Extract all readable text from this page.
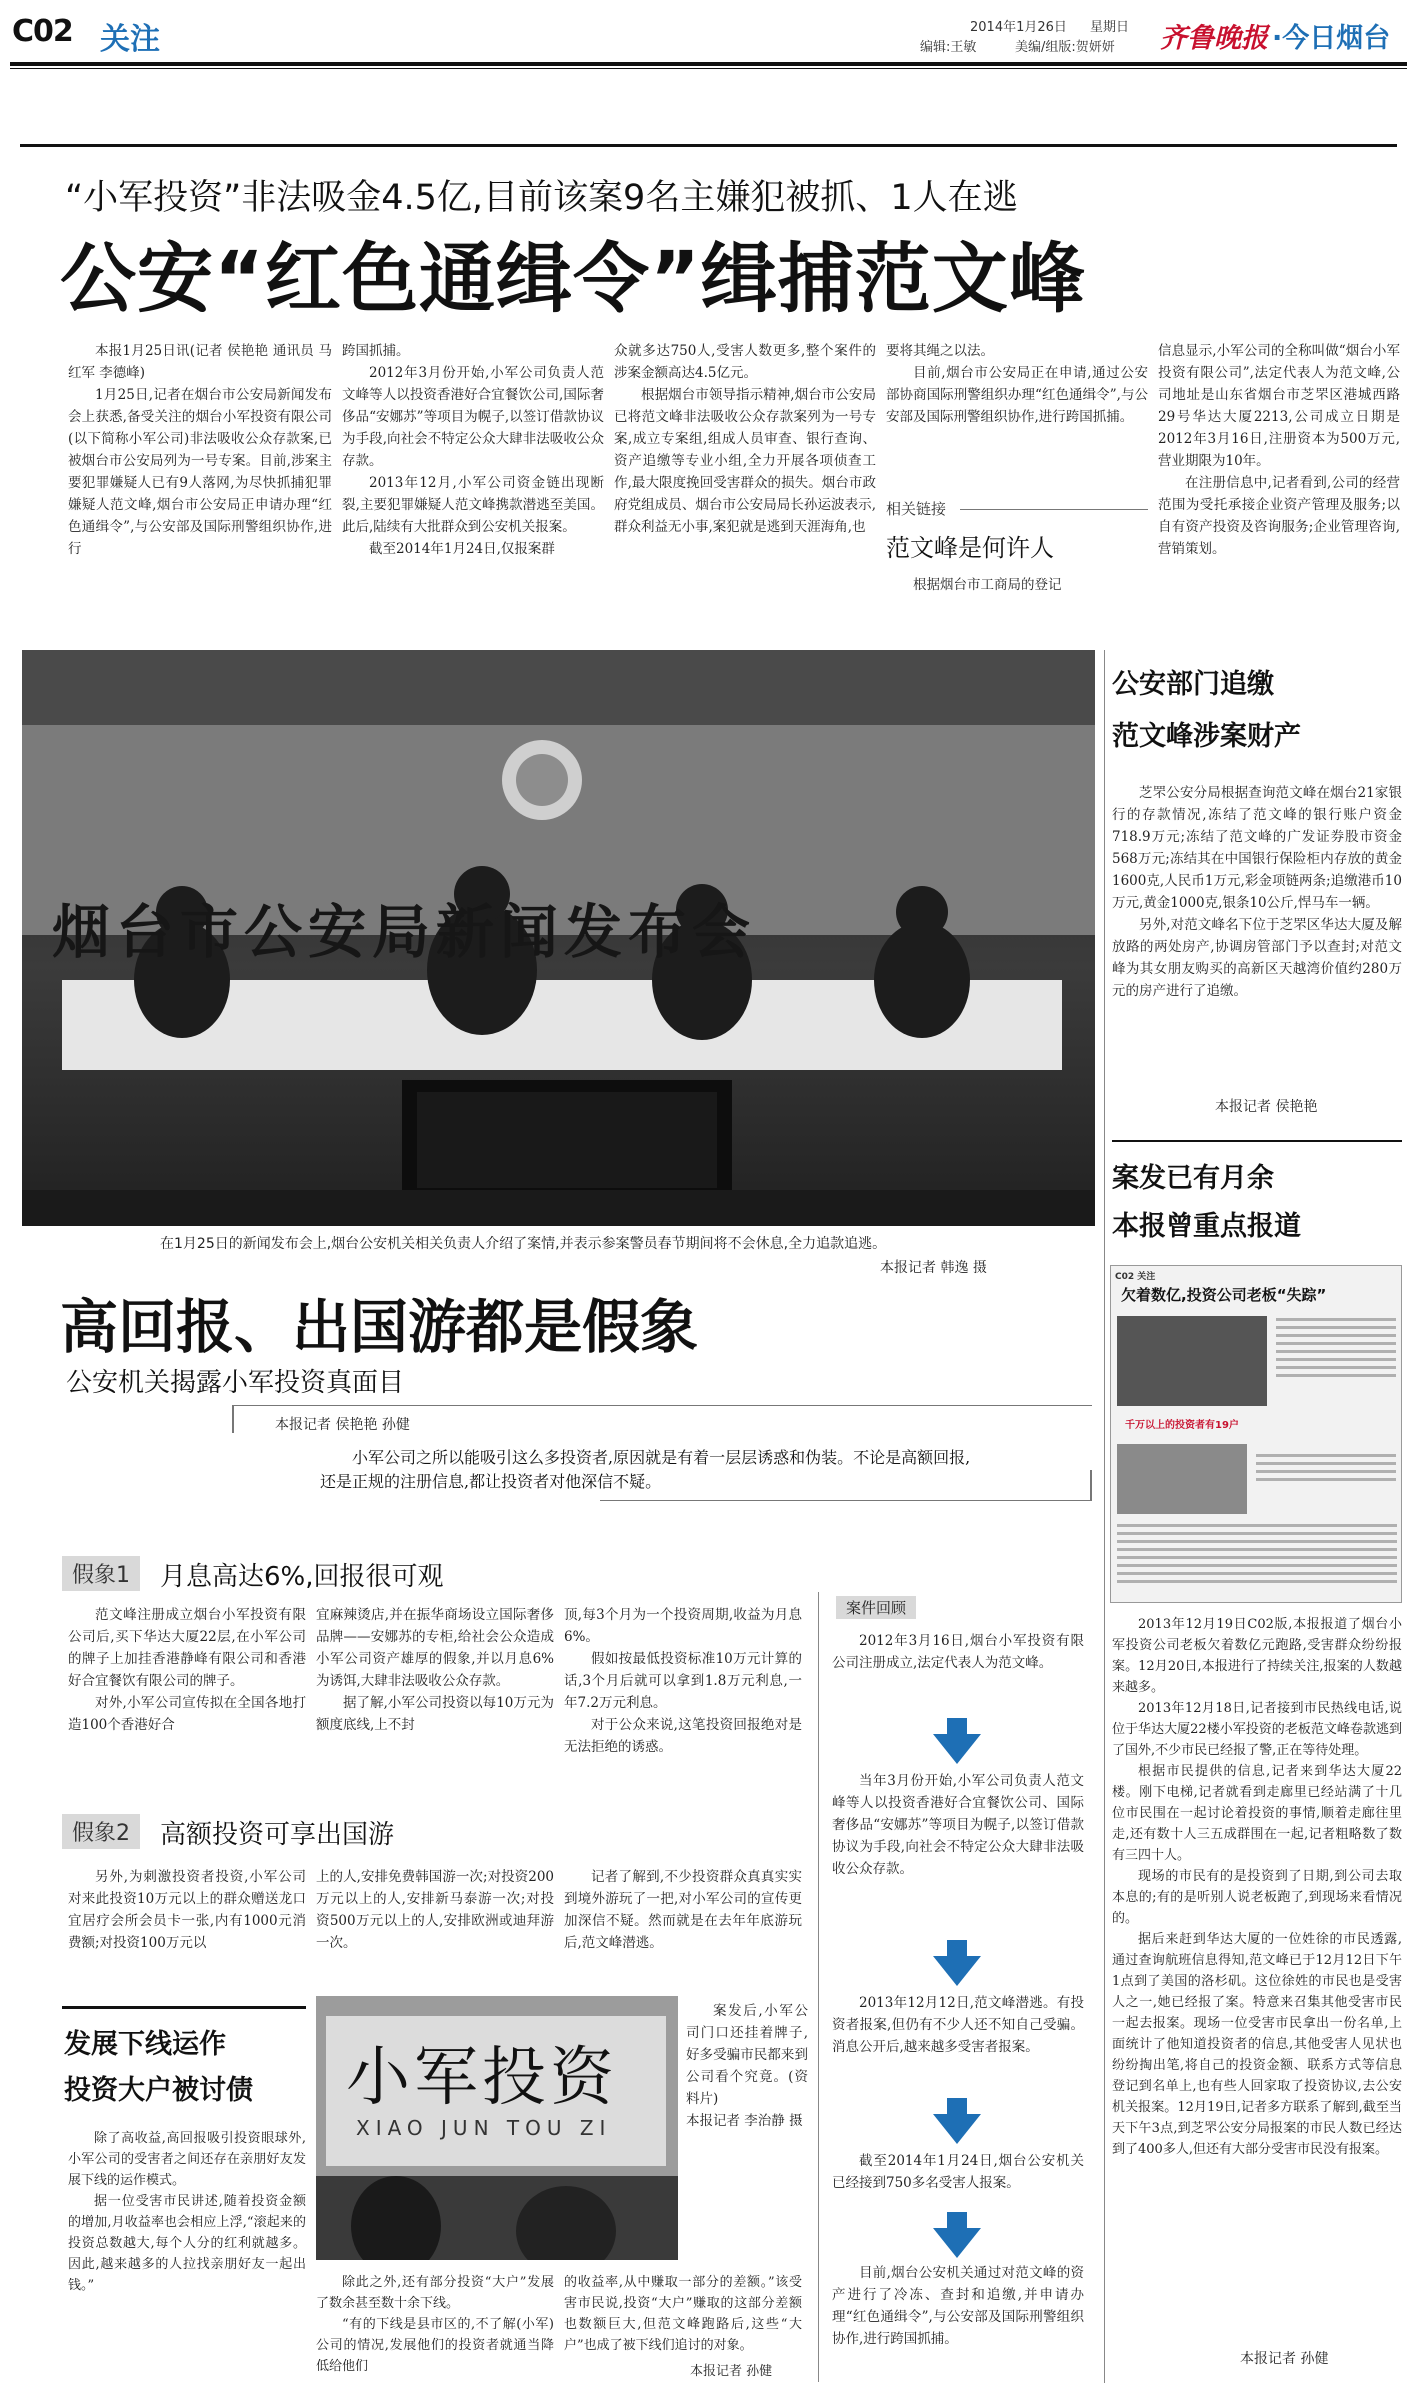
C02 关注	2014年1月26日 星期日
编辑:王敏	美编/组版:贺妍妍 齐鲁晚报 ·今日烟台
“小军投资”非法吸金4.5亿,目前该案9名主嫌犯被抓、1人在逃
公安“红色通缉令”缉捕范文峰

本报1月25日讯(记者 侯艳艳 通讯员 马红军 李德峰)

1月25日,记者在烟台市公安局新闻发布会上获悉,备受关注的烟台小军投资有限公司(以下简称小军公司)非法吸收公众存款案,已被烟台市公安局列为一号专案。目前,涉案主要犯罪嫌疑人已有9人落网,为尽快抓捕犯罪嫌疑人范文峰,烟台市公安局正申请办理“红色通缉令”,与公安部及国际刑警组织协作,进行

跨国抓捕。

2012年3月份开始,小军公司负责人范文峰等人以投资香港好合宜餐饮公司,国际奢侈品“安娜苏”等项目为幌子,以签订借款协议为手段,向社会不特定公众大肆非法吸收公众存款。

2013年12月,小军公司资金链出现断裂,主要犯罪嫌疑人范文峰携款潜逃至美国。此后,陆续有大批群众到公安机关报案。

截至2014年1月24日,仅报案群

众就多达750人,受害人数更多,整个案件的涉案金额高达4.5亿元。

根据烟台市领导指示精神,烟台市公安局已将范文峰非法吸收公众存款案列为一号专案,成立专案组,组成人员审查、银行查询、资产追缴等专业小组,全力开展各项侦查工作,最大限度挽回受害群众的损失。烟台市政府党组成员、烟台市公安局局长孙运波表示,群众利益无小事,案犯就是逃到天涯海角,也

要将其绳之以法。

目前,烟台市公安局正在申请,通过公安部协商国际刑警组织办理“红色通缉令”,与公安部及国际刑警组织协作,进行跨国抓捕。

相关链接
范文峰是何许人

根据烟台市工商局的登记

信息显示,小军公司的全称叫做“烟台小军投资有限公司”,法定代表人为范文峰,公司地址是山东省烟台市芝罘区港城西路29号华达大厦2213,公司成立日期是2012年3月16日,注册资本为500万元,营业期限为10年。

在注册信息中,记者看到,公司的经营范围为受托承接企业资产管理及服务;以自有资产投资及咨询服务;企业管理咨询,营销策划。

烟台市公安局新闻发布会
在1月25日的新闻发布会上,烟台公安机关相关负责人介绍了案情,并表示参案警员春节期间将不会休息,全力追款追逃。
本报记者 韩逸 摄
公安部门追缴
范文峰涉案财产

芝罘公安分局根据查询范文峰在烟台21家银行的存款情况,冻结了范文峰的银行账户资金718.9万元;冻结了范文峰的广发证券股市资金568万元;冻结其在中国银行保险柜内存放的黄金1600克,人民币1万元,彩金项链两条;追缴港币10万元,黄金1000克,银条10公斤,悍马车一辆。

另外,对范文峰名下位于芝罘区华达大厦及解放路的两处房产,协调房管部门予以查封;对范文峰为其女朋友购买的高新区天越湾价值约280万元的房产进行了追缴。

本报记者 侯艳艳
案发已有月余
本报曾重点报道
C02 关注
欠着数亿,投资公司老板“失踪”
千万以上的投资者有19户

2013年12月19日C02版,本报报道了烟台小军投资公司老板欠着数亿元跑路,受害群众纷纷报案。12月20日,本报进行了持续关注,报案的人数越来越多。

2013年12月18日,记者接到市民热线电话,说位于华达大厦22楼小军投资的老板范文峰卷款逃到了国外,不少市民已经报了警,正在等待处理。

根据市民提供的信息,记者来到华达大厦22楼。刚下电梯,记者就看到走廊里已经站满了十几位市民围在一起讨论着投资的事情,顺着走廊往里走,还有数十人三五成群围在一起,记者粗略数了数有三四十人。

现场的市民有的是投资到了日期,到公司去取本息的;有的是听别人说老板跑了,到现场来看情况的。

据后来赶到华达大厦的一位姓徐的市民透露,通过查询航班信息得知,范文峰已于12月12日下午1点到了美国的洛杉矶。这位徐姓的市民也是受害人之一,她已经报了案。特意来召集其他受害市民一起去报案。现场一位受害市民拿出一份名单,上面统计了他知道投资者的信息,其他受害人见状也纷纷掏出笔,将自己的投资金额、联系方式等信息登记到名单上,也有些人回家取了投资协议,去公安机关报案。12月19日,记者多方联系了解到,截至当天下午3点,到芝罘公安分局报案的市民人数已经达到了400多人,但还有大部分受害市民没有报案。

本报记者 孙健
高回报、出国游都是假象
公安机关揭露小军投资真面目
本报记者 侯艳艳 孙健
小军公司之所以能吸引这么多投资者,原因就是有着一层层诱惑和伪装。不论是高额回报,还是正规的注册信息,都让投资者对他深信不疑。
假象1	月息高达6%,回报很可观

范文峰注册成立烟台小军投资有限公司后,买下华达大厦22层,在小军公司的牌子上加挂香港静峰有限公司和香港好合宜餐饮有限公司的牌子。

对外,小军公司宣传拟在全国各地打造100个香港好合

宜麻辣烫店,并在振华商场设立国际奢侈品牌——安娜苏的专柜,给社会公众造成小军公司资产雄厚的假象,并以月息6%为诱饵,大肆非法吸收公众存款。

据了解,小军公司投资以每10万元为额度底线,上不封

顶,每3个月为一个投资周期,收益为月息6%。

假如按最低投资标准10万元计算的话,3个月后就可以拿到1.8万元利息,一年7.2万元利息。

对于公众来说,这笔投资回报绝对是无法拒绝的诱惑。

假象2	高额投资可享出国游

另外,为刺激投资者投资,小军公司对来此投资10万元以上的群众赠送龙口宜居疗会所会员卡一张,内有1000元消费额;对投资100万元以

上的人,安排免费韩国游一次;对投资200万元以上的人,安排新马泰游一次;对投资500万元以上的人,安排欧洲或迪拜游一次。

记者了解到,不少投资群众真真实实到境外游玩了一把,对小军公司的宣传更加深信不疑。然而就是在去年年底游玩后,范文峰潜逃。

案件回顾
2012年3月16日,烟台小军投资有限公司注册成立,法定代表人为范文峰。
当年3月份开始,小军公司负责人范文峰等人以投资香港好合宜餐饮公司、国际奢侈品“安娜苏”等项目为幌子,以签订借款协议为手段,向社会不特定公众大肆非法吸收公众存款。
2013年12月12日,范文峰潜逃。有投资者报案,但仍有不少人还不知自己受骗。消息公开后,越来越多受害者报案。
截至2014年1月24日,烟台公安机关已经接到750多名受害人报案。
目前,烟台公安机关通过对范文峰的资产进行了冷冻、查封和追缴,并申请办理“红色通缉令”,与公安部及国际刑警组织协作,进行跨国抓捕。
发展下线运作
投资大户被讨债

除了高收益,高回报吸引投资眼球外,小军公司的受害者之间还存在亲朋好友发展下线的运作模式。

据一位受害市民讲述,随着投资金额的增加,月收益率也会相应上浮,“滚起来的投资总数越大,每个人分的红利就越多。因此,越来越多的人拉找亲朋好友一起出钱。”

小军投资
XIAO JUN TOU ZI

案发后,小军公司门口还挂着牌子,好多受骗市民都来到公司看个究竟。(资料片)

本报记者 李治静 摄

除此之外,还有部分投资“大户”发展了数余甚至数十余下线。

“有的下线是县市区的,不了解(小军)公司的情况,发展他们的投资者就通当降低给他们

的收益率,从中赚取一部分的差额。”该受害市民说,投资“大户”赚取的这部分差额也数额巨大,但范文峰跑路后,这些“大户”也成了被下线们追讨的对象。

本报记者 孙健
